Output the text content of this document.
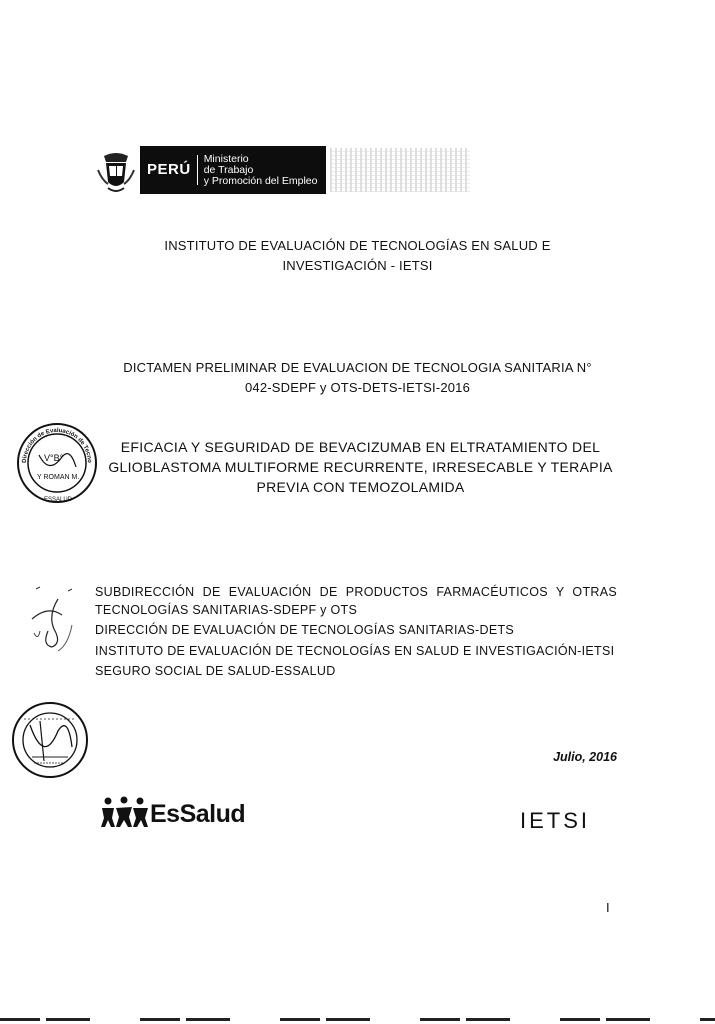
PERÚ
Ministerio
de Trabajo
y Promoción del Empleo
INSTITUTO DE EVALUACIÓN DE TECNOLOGÍAS EN SALUD E
INVESTIGACIÓN - IETSI
DICTAMEN PRELIMINAR DE EVALUACION DE TECNOLOGIA SANITARIA N°
042-SDEPF y OTS-DETS-IETSI-2016
Dirección de Evaluación de Tecno
V°B°
Y ROMAN M.
ESSALUD
EFICACIA Y SEGURIDAD DE BEVACIZUMAB EN ELTRATAMIENTO DEL
GLIOBLASTOMA MULTIFORME RECURRENTE, IRRESECABLE Y TERAPIA
PREVIA CON TEMOZOLAMIDA
SUBDIRECCIÓN DE EVALUACIÓN DE PRODUCTOS FARMACÉUTICOS Y OTRAS TECNOLOGÍAS SANITARIAS-SDEPF y OTS
DIRECCIÓN DE EVALUACIÓN DE TECNOLOGÍAS SANITARIAS-DETS
INSTITUTO DE EVALUACIÓN DE TECNOLOGÍAS EN SALUD E INVESTIGACIÓN-IETSI
SEGURO SOCIAL DE SALUD-ESSALUD
Julio, 2016
EsSalud	IETSI
I
